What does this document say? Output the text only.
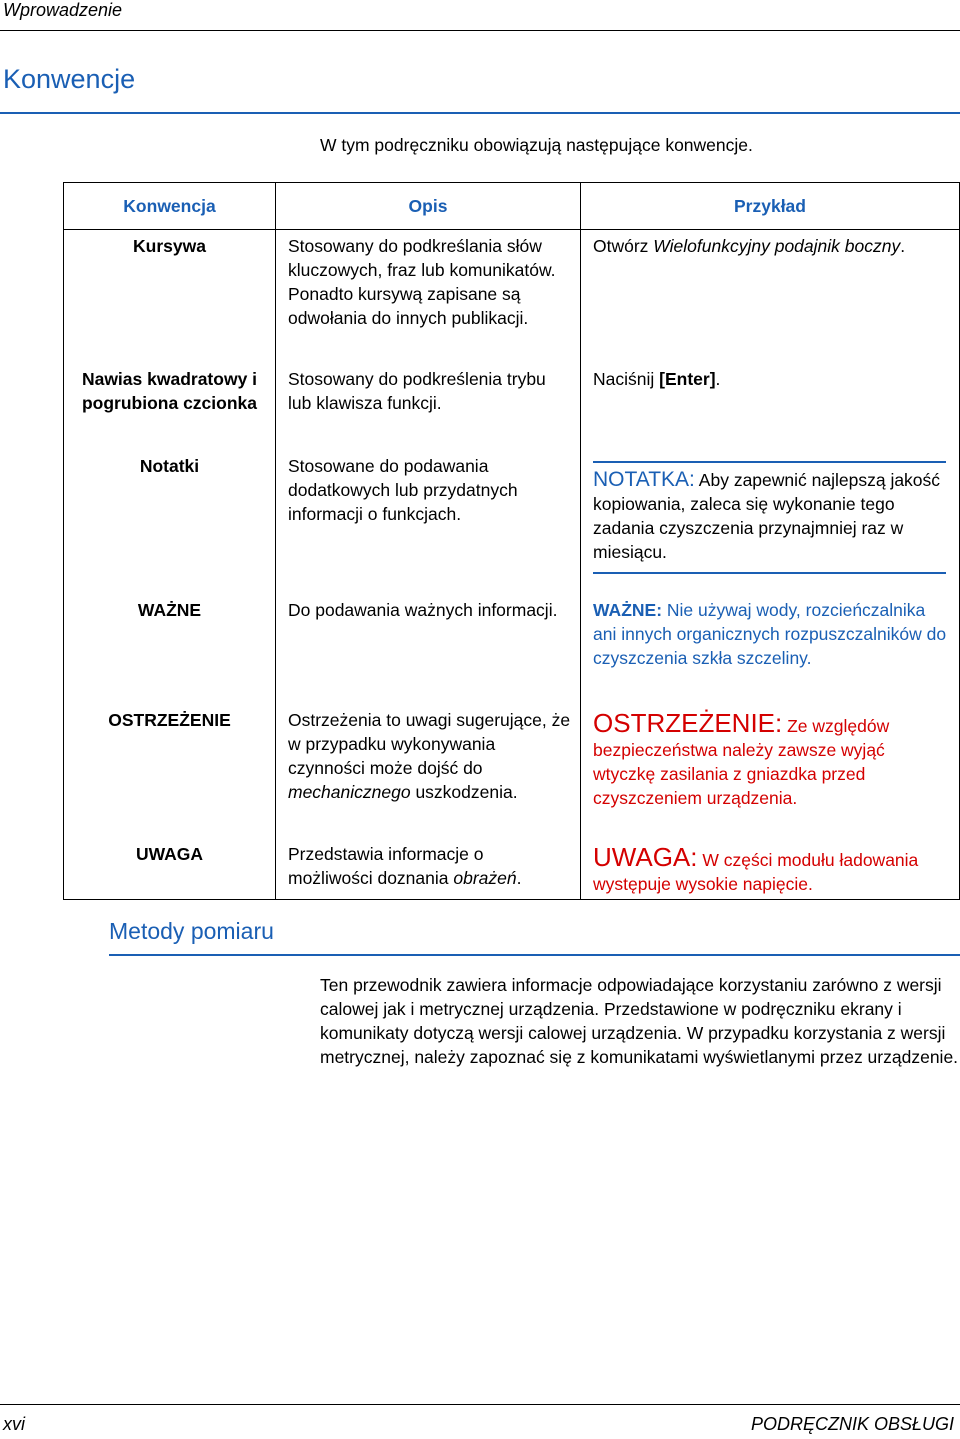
Wprowadzenie
Konwencje
W tym podręczniku obowiązują następujące konwencje.
Konwencja	Opis	Przykład
Kursywa	Stosowany do podkreślania słów kluczowych, fraz lub komunikatów. Ponadto kursywą zapisane są odwołania do innych publikacji.	Otwórz Wielofunkcyjny podajnik boczny.
Nawias kwadratowy i pogrubiona czcionka	Stosowany do podkreślenia trybu lub klawisza funkcji.	Naciśnij [Enter].
Notatki	Stosowane do podawania dodatkowych lub przydatnych informacji o funkcjach.	NOTATKA: Aby zapewnić najlepszą jakość kopiowania, zaleca się wykonanie tego zadania czyszczenia przynajmniej raz w miesiącu.

WAŻNE	Do podawania ważnych informacji.	WAŻNE: Nie używaj wody, rozcieńczalnika ani innych organicznych rozpuszczalników do czyszczenia szkła szczeliny.
OSTRZEŻENIE	Ostrzeżenia to uwagi sugerujące, że w przypadku wykonywania czynności może dojść do mechanicznego uszkodzenia.	OSTRZEŻENIE: Ze względów bezpieczeństwa należy zawsze wyjąć wtyczkę zasilania z gniazdka przed czyszczeniem urządzenia.
UWAGA	Przedstawia informacje o możliwości doznania obrażeń.	UWAGA: W części modułu ładowania występuje wysokie napięcie.
Metody pomiaru
Ten przewodnik zawiera informacje odpowiadające korzystaniu zarówno z wersji calowej jak i metrycznej urządzenia. Przedstawione w podręczniku ekrany i komunikaty dotyczą wersji calowej urządzenia. W przypadku korzystania z wersji metrycznej, należy zapoznać się z komunikatami wyświetlanymi przez urządzenie.
xvi	PODRĘCZNIK OBSŁUGI
